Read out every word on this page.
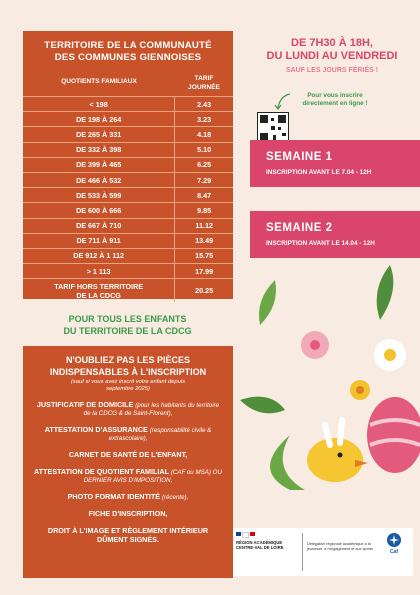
TERRITOIRE DE LA COMMUNAUTÉ
DES COMMUNES GIENNOISES
QUOTIENTS FAMILIAUX	TARIF
JOURNÉE
< 198	2.43
DE 198 À 264	3.23
DE 265 À 331	4.18
DE 332 À 398	5.10
DE 399 À 465	6.25
DE 466 À 532	7.29
DE 533 À 599	8.47
DE 600 À 666	9.85
DE 667 À 710	11.12
DE 711 À 911	13.49
DE 912 À 1 112	15.75
> 1 113	17.99
TARIF HORS TERRITOIRE
DE LA CDCG	20.25
DE 7H30 À 18H,
DU LUNDI AU VENDREDI
SAUF LES JOURS FÉRIÉS !
Pour vous inscrire
directement en ligne !
SEMAINE 1
INSCRIPTION AVANT LE 7.04 - 12H
SEMAINE 2
INSCRIPTION AVANT LE 14.04 - 12H
POUR TOUS LES ENFANTS
DU TERRITOIRE DE LA CDCG
N'OUBLIEZ PAS LES PIÈCES
INDISPENSABLES À L'INSCRIPTION
(sauf si vous avez inscrit votre enfant depuis
septembre 2025)
JUSTIFICATIF DE DOMICILE (pour les habitants du territoire de la CDCG & de Saint-Florent),
ATTESTATION D'ASSURANCE (responsabilité civile & extrascolaire),
CARNET DE SANTÉ DE L'ENFANT,
ATTESTATION DE QUOTIENT FAMILIAL (CAF ou MSA) OU DERNIER AVIS D'IMPOSITION,
PHOTO FORMAT IDENTITÉ (récente),
FICHE D'INSCRIPTION,
DROIT À L'IMAGE ET RÈGLEMENT INTÉRIEUR DÛMENT SIGNÉS.	RÉGION ACADÉMIQUE CENTRE-VAL DE LOIRE
Délégation régionale académique à la jeunesse, à l'engagement et aux sports
Caf
